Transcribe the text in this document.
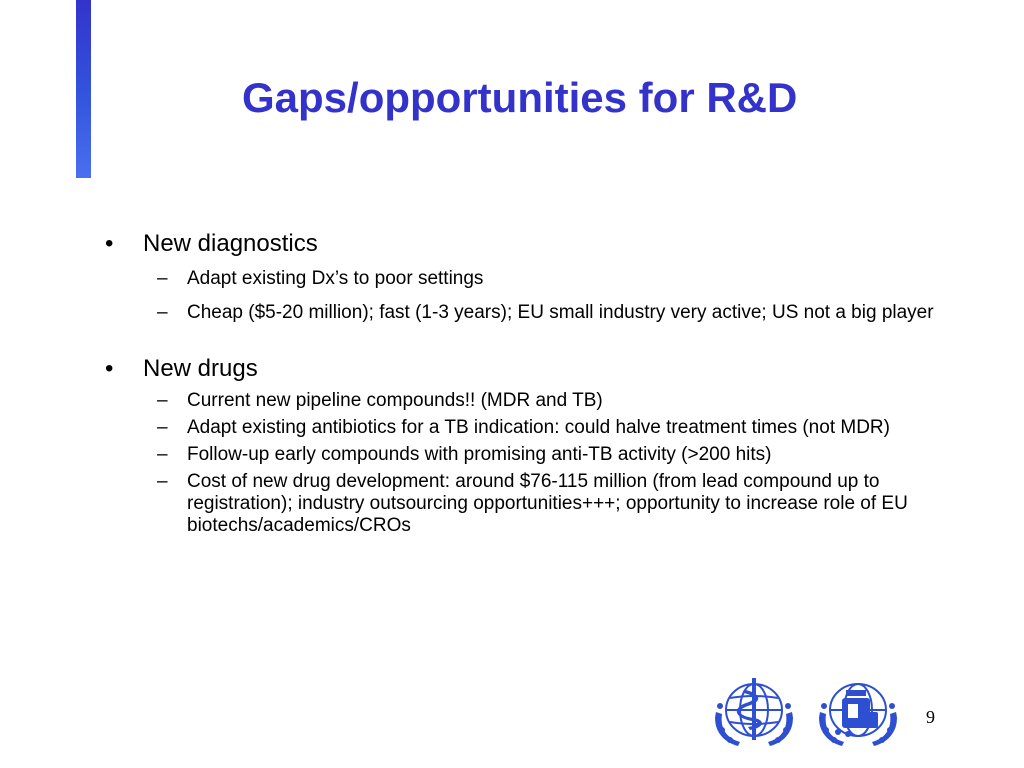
Gaps/opportunities for R&D
• New diagnostics
– Adapt existing Dx’s to poor settings
– Cheap ($5-20 million); fast (1-3 years); EU small industry very active; US not a big player
• New drugs
– Current new pipeline compounds!! (MDR and TB)
– Adapt existing antibiotics for a TB indication: could halve treatment times (not MDR)
– Follow-up early compounds with promising anti-TB activity (>200 hits)
– Cost of new drug development: around $76-115 million (from lead compound up to registration); industry outsourcing opportunities+++; opportunity to increase role of EU biotechs/academics/CROs
9
